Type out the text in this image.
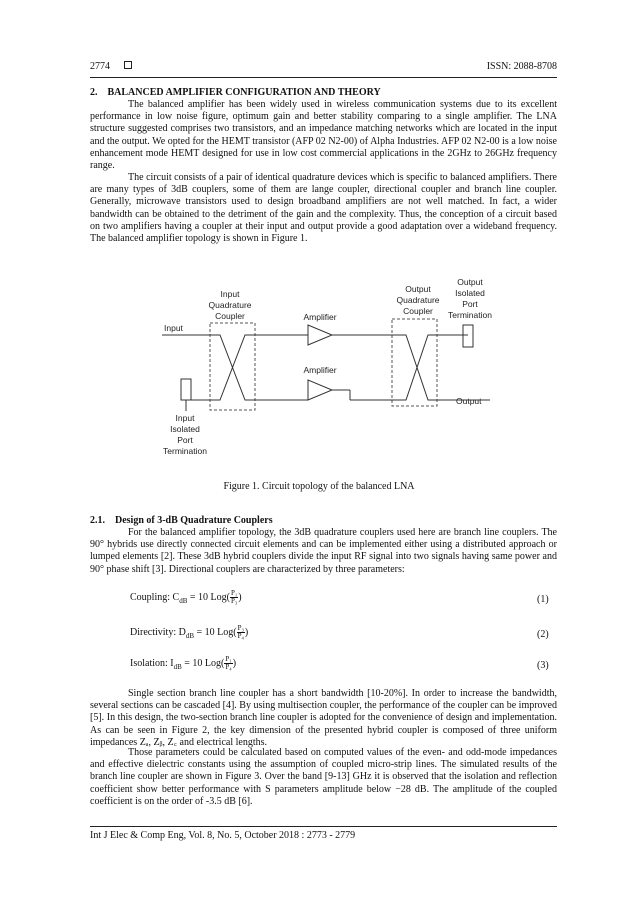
2774	ISSN: 2088-8708
2. BALANCED AMPLIFIER CONFIGURATION AND THEORY

The balanced amplifier has been widely used in wireless communication systems due to its excellent performance in low noise figure, optimum gain and better stability comparing to a single amplifier. The LNA structure suggested comprises two transistors, and an impedance matching networks which are located in the input and the output. We opted for the HEMT transistor (AFP 02 N2-00) of Alpha Industries. AFP 02 N2-00 is a low noise enhancement mode HEMT designed for use in low cost commercial applications in the 2GHz to 26GHz frequency range.

The circuit consists of a pair of identical quadrature devices which is specific to balanced amplifiers. There are many types of 3dB couplers, some of them are lange coupler, directional coupler and branch line coupler. Generally, microwave transistors used to design broadband amplifiers are not well matched. In fact, a wider bandwidth can be obtained to the detriment of the gain and the complexity. Thus, the conception of a circuit based on two amplifiers having a coupler at their input and output provide a good adaptation over a wideband frequency. The balanced amplifier topology is shown in Figure 1.

Input
Quadrature
Coupler
Output
Quadrature
Coupler
Output
Isolated
Port
Termination
Amplifier
Amplifier
Input
Output
Input
Isolated
Port
Termination
Figure 1. Circuit topology of the balanced LNA
2.1. Design of 3-dB Quadrature Couplers

For the balanced amplifier topology, the 3dB quadrature couplers used here are branch line couplers. The 90° hybrids use directly connected circuit elements and can be implemented either using a distributed approach or lumped elements [2]. These 3dB hybrid couplers divide the input RF signal into two signals having same power and 90° phase shift [3]. Directional couplers are characterized by three parameters:

Coupling: $C_{dB} = 10$ $Log( \frac{\text{P₁}}{\text{P₃}}$ )	(1)
Directivity: $D_{dB} = 10$ $Log( \frac{\text{P₃}}{\text{P₄}}$ )	(2)
Isolation: $I_{dB} = 10$ $Log( \frac{\text{P₁}}{\text{P₄}}$ )	(3)

Single section branch line coupler has a short bandwidth [10-20%]. In order to increase the bandwidth, several sections can be cascaded [4]. By using multisection coupler, the performance of the coupler can be improved [5]. In this design, the two-section branch line coupler is adopted for the convenience of design and implementation. As can be seen in Figure 2, the key dimension of the presented hybrid coupler is composed of three uniform impedances Zₐ, Zᵦ, Z꜀ and electrical lengths.

Those parameters could be calculated based on computed values of the even- and odd-mode impedances and effective dielectric constants using the assumption of coupled micro-strip lines. The simulated results of the branch line coupler are shown in Figure 3. Over the band [9-13] GHz it is observed that the isolation and reflection coefficient show better performance with S parameters amplitude below −28 dB. The amplitude of the coupled coefficient is on the order of -3.5 dB [6].

Int J Elec & Comp Eng, Vol. 8, No. 5, October 2018 : 2773 - 2779
